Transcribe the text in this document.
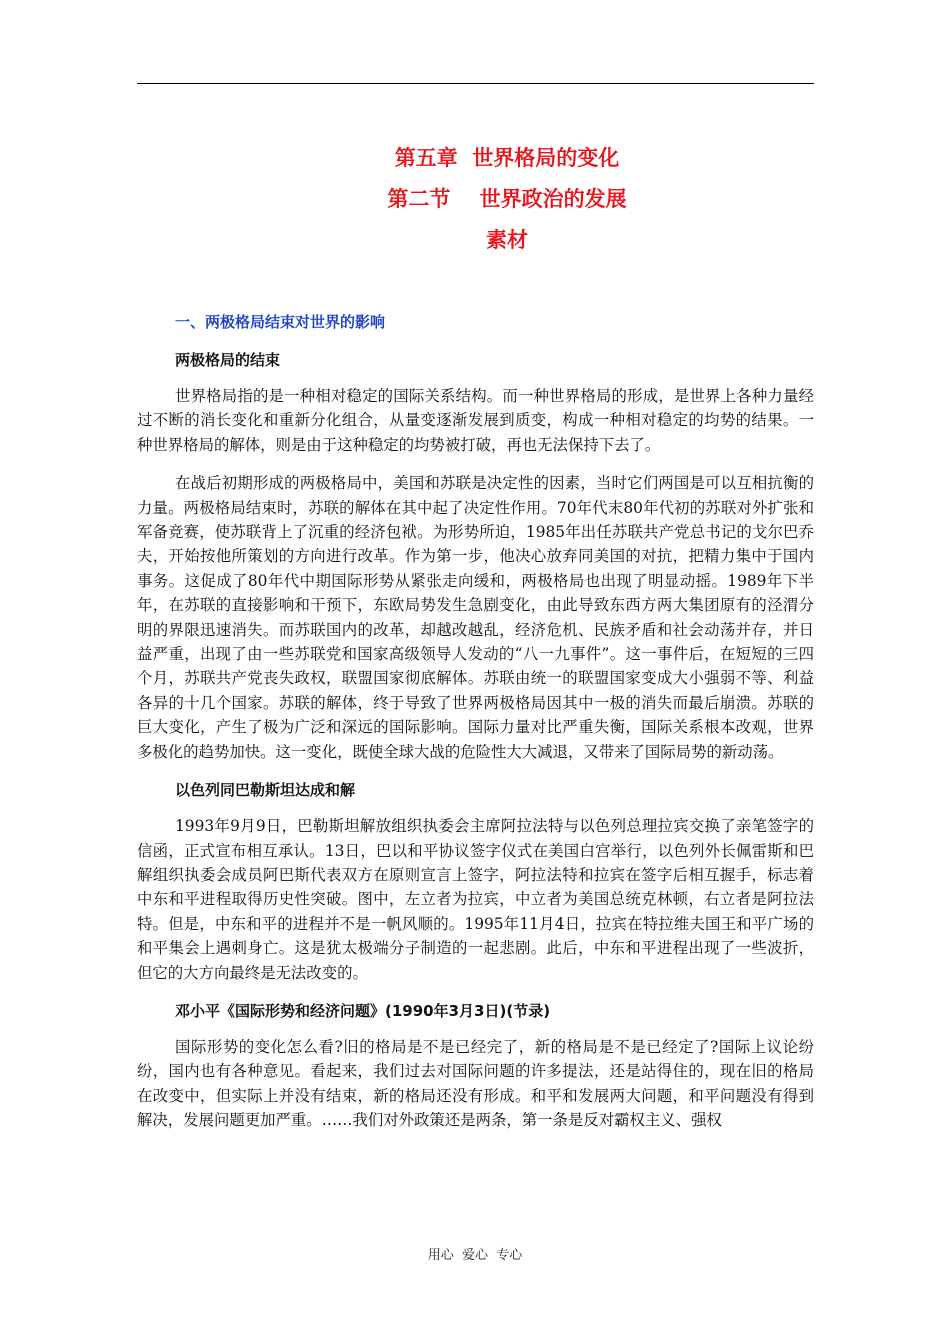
第五章  世界格局的变化
第二节    世界政治的发展
素材
一、两极格局结束对世界的影响
两极格局的结束

世界格局指的是一种相对稳定的国际关系结构。而一种世界格局的形成，是世界上各种力量经过不断的消长变化和重新分化组合，从量变逐渐发展到质变，构成一种相对稳定的均势的结果。一种世界格局的解体，则是由于这种稳定的均势被打破，再也无法保持下去了。

在战后初期形成的两极格局中，美国和苏联是决定性的因素，当时它们两国是可以互相抗衡的力量。两极格局结束时，苏联的解体在其中起了决定性作用。70年代末80年代初的苏联对外扩张和军备竞赛，使苏联背上了沉重的经济包袱。为形势所迫，1985年出任苏联共产党总书记的戈尔巴乔夫，开始按他所策划的方向进行改革。作为第一步，他决心放弃同美国的对抗，把精力集中于国内事务。这促成了80年代中期国际形势从紧张走向缓和，两极格局也出现了明显动摇。1989年下半年，在苏联的直接影响和干预下，东欧局势发生急剧变化，由此导致东西方两大集团原有的泾渭分明的界限迅速消失。而苏联国内的改革，却越改越乱，经济危机、民族矛盾和社会动荡并存，并日益严重，出现了由一些苏联党和国家高级领导人发动的“八一九事件”。这一事件后，在短短的三四个月，苏联共产党丧失政权，联盟国家彻底解体。苏联由统一的联盟国家变成大小强弱不等、利益各异的十几个国家。苏联的解体，终于导致了世界两极格局因其中一极的消失而最后崩溃。苏联的巨大变化，产生了极为广泛和深远的国际影响。国际力量对比严重失衡，国际关系根本改观，世界多极化的趋势加快。这一变化，既使全球大战的危险性大大减退，又带来了国际局势的新动荡。

以色列同巴勒斯坦达成和解

1993年9月9日，巴勒斯坦解放组织执委会主席阿拉法特与以色列总理拉宾交换了亲笔签字的信函，正式宣布相互承认。13日，巴以和平协议签字仪式在美国白宫举行，以色列外长佩雷斯和巴解组织执委会成员阿巴斯代表双方在原则宣言上签字，阿拉法特和拉宾在签字后相互握手，标志着中东和平进程取得历史性突破。图中，左立者为拉宾，中立者为美国总统克林顿，右立者是阿拉法特。但是，中东和平的进程并不是一帆风顺的。1995年11月4日，拉宾在特拉维夫国王和平广场的和平集会上遇刺身亡。这是犹太极端分子制造的一起悲剧。此后，中东和平进程出现了一些波折，但它的大方向最终是无法改变的。

邓小平《国际形势和经济问题》(1990年3月3日)(节录)

国际形势的变化怎么看?旧的格局是不是已经完了，新的格局是不是已经定了?国际上议论纷纷，国内也有各种意见。看起来，我们过去对国际问题的许多提法，还是站得住的，现在旧的格局在改变中，但实际上并没有结束，新的格局还没有形成。和平和发展两大问题，和平问题没有得到解决，发展问题更加严重。……我们对外政策还是两条，第一条是反对霸权主义、强权

用心  爱心  专心
